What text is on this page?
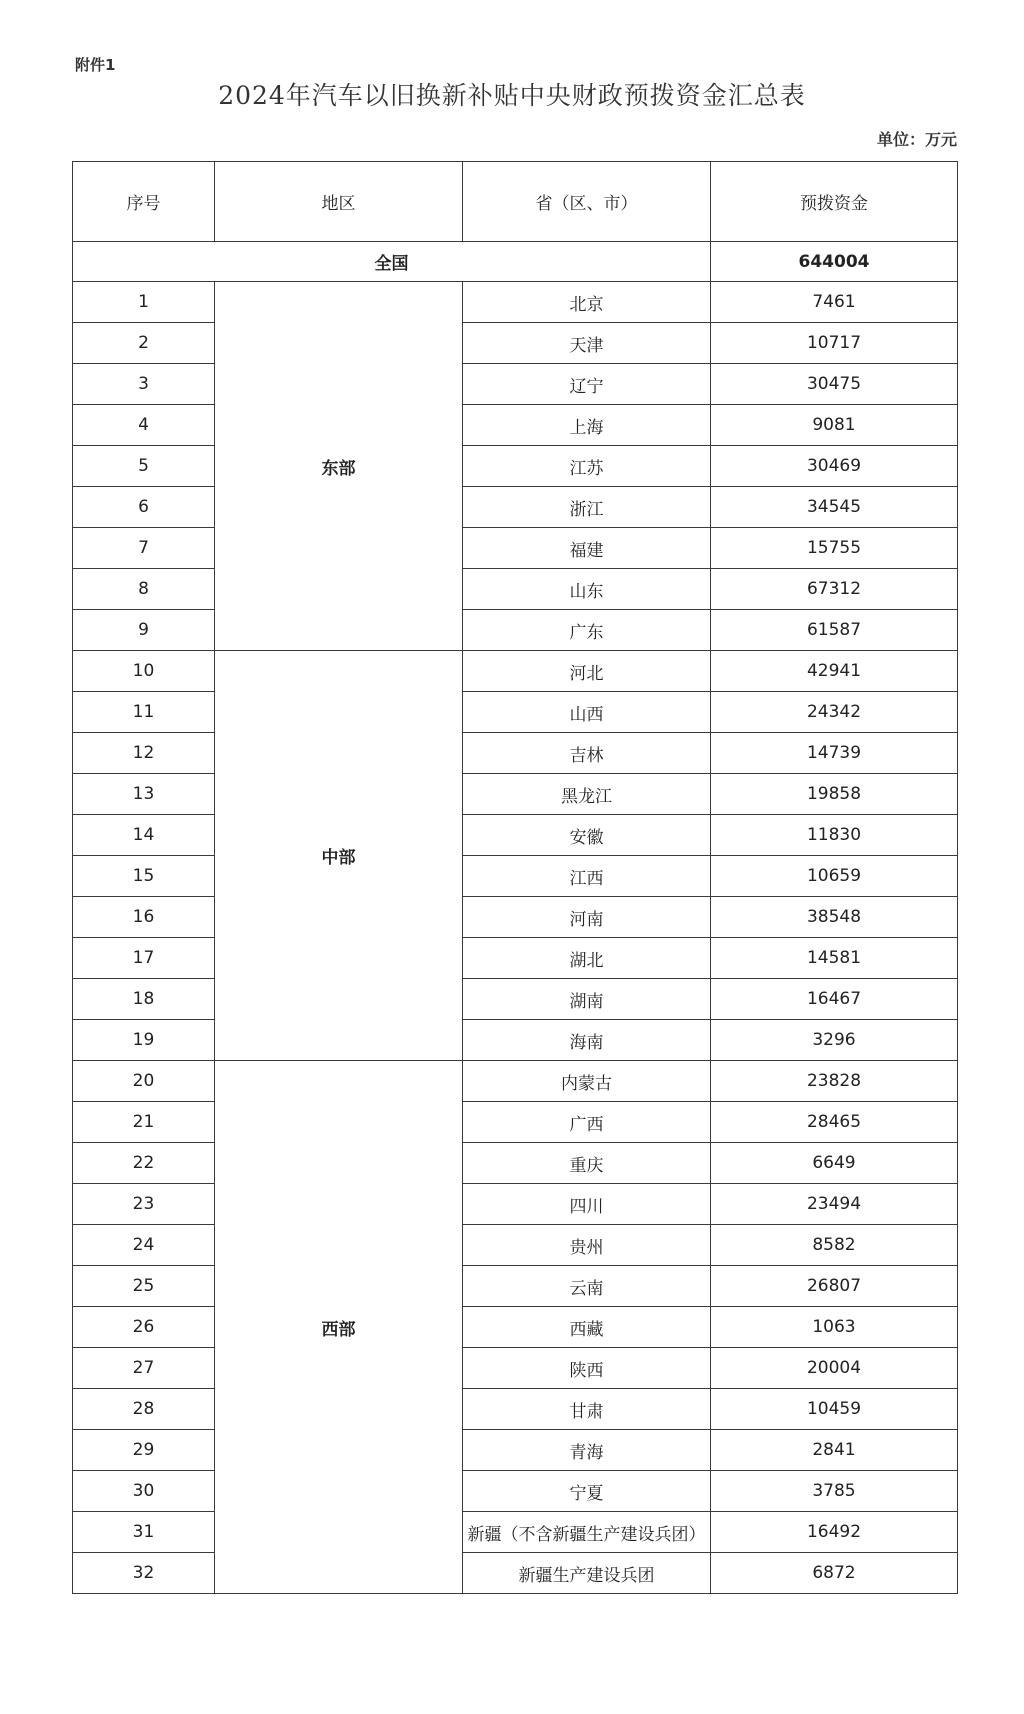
附件1
2024年汽车以旧换新补贴中央财政预拨资金汇总表
单位：万元
序号	地区	省（区、市）	预拨资金
全国			644004
1	东部	北京	7461
2		天津	10717
3		辽宁	30475
4		上海	9081
5		江苏	30469
6		浙江	34545
7		福建	15755
8		山东	67312
9		广东	61587
10	中部	河北	42941
11		山西	24342
12		吉林	14739
13		黑龙江	19858
14		安徽	11830
15		江西	10659
16		河南	38548
17		湖北	14581
18		湖南	16467
19		海南	3296
20	西部	内蒙古	23828
21		广西	28465
22		重庆	6649
23		四川	23494
24		贵州	8582
25		云南	26807
26		西藏	1063
27		陕西	20004
28		甘肃	10459
29		青海	2841
30		宁夏	3785
31		新疆（不含新疆生产建设兵团）	16492
32		新疆生产建设兵团	6872
